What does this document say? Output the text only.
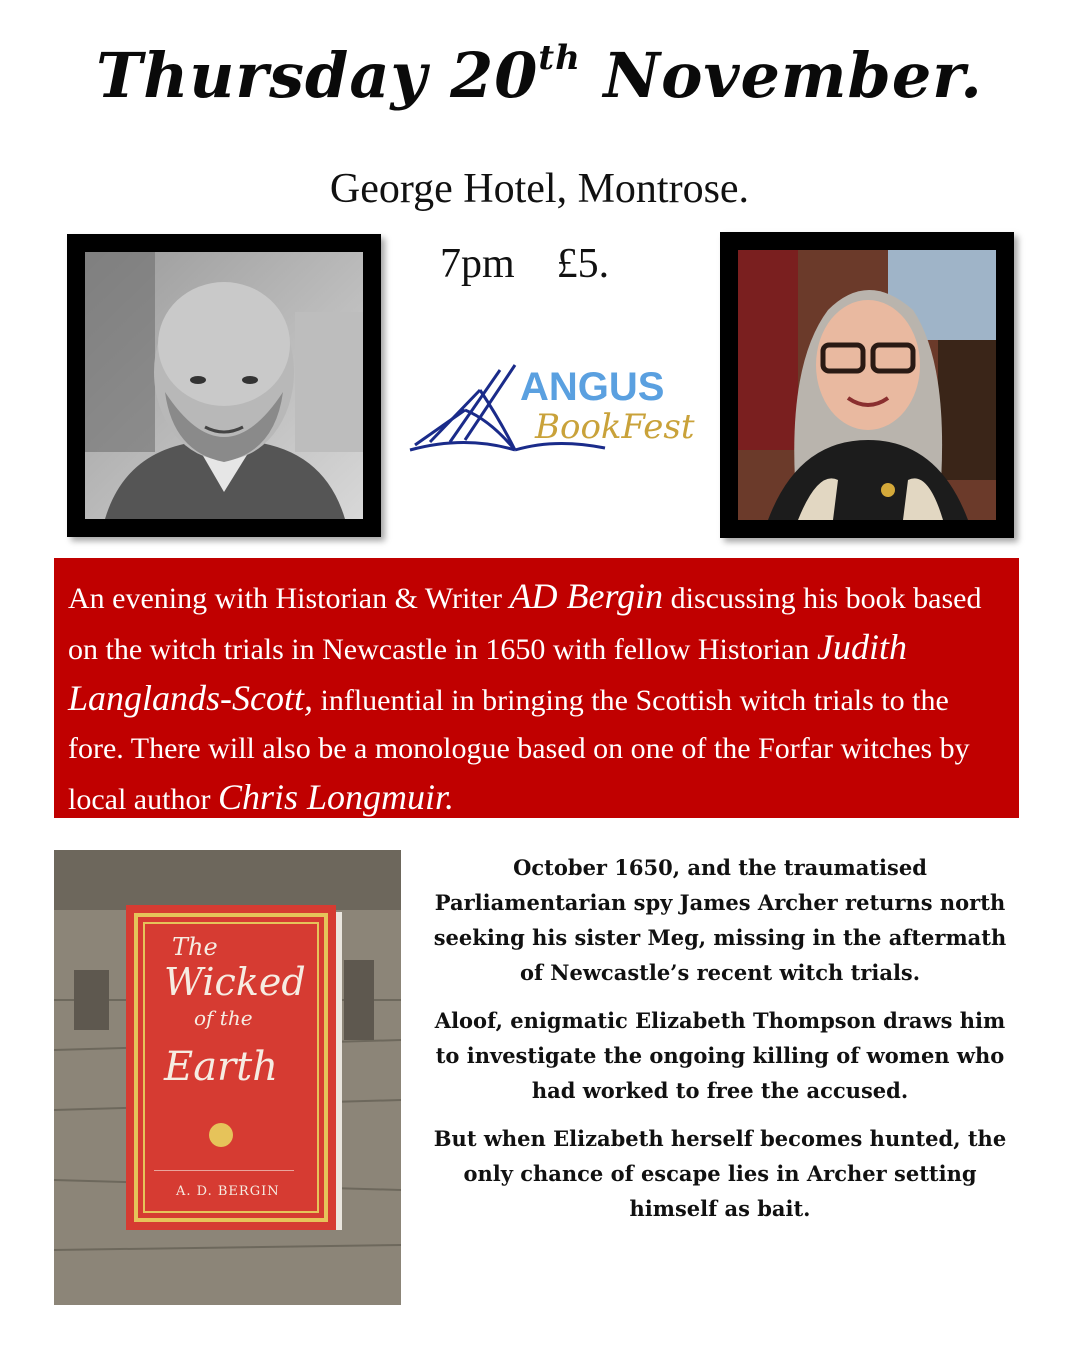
Thursday 20th November.
George Hotel, Montrose.
7pm £5.
ANGUS
BookFest
An evening with Historian & Writer AD Bergin discussing his book based on the witch trials in Newcastle in 1650 with fellow Historian Judith Langlands-Scott, influential in bringing the Scottish witch trials to the fore. There will also be a monologue based on one of the Forfar witches by local author Chris Longmuir.
The
Wicked
of the
Earth
A. D. BERGIN

October 1650, and the traumatised Parliamentarian spy James Archer returns north seeking his sister Meg, missing in the aftermath of Newcastle’s recent witch trials.

Aloof, enigmatic Elizabeth Thompson draws him to investigate the ongoing killing of women who had worked to free the accused.

But when Elizabeth herself becomes hunted, the only chance of escape lies in Archer setting himself as bait.
